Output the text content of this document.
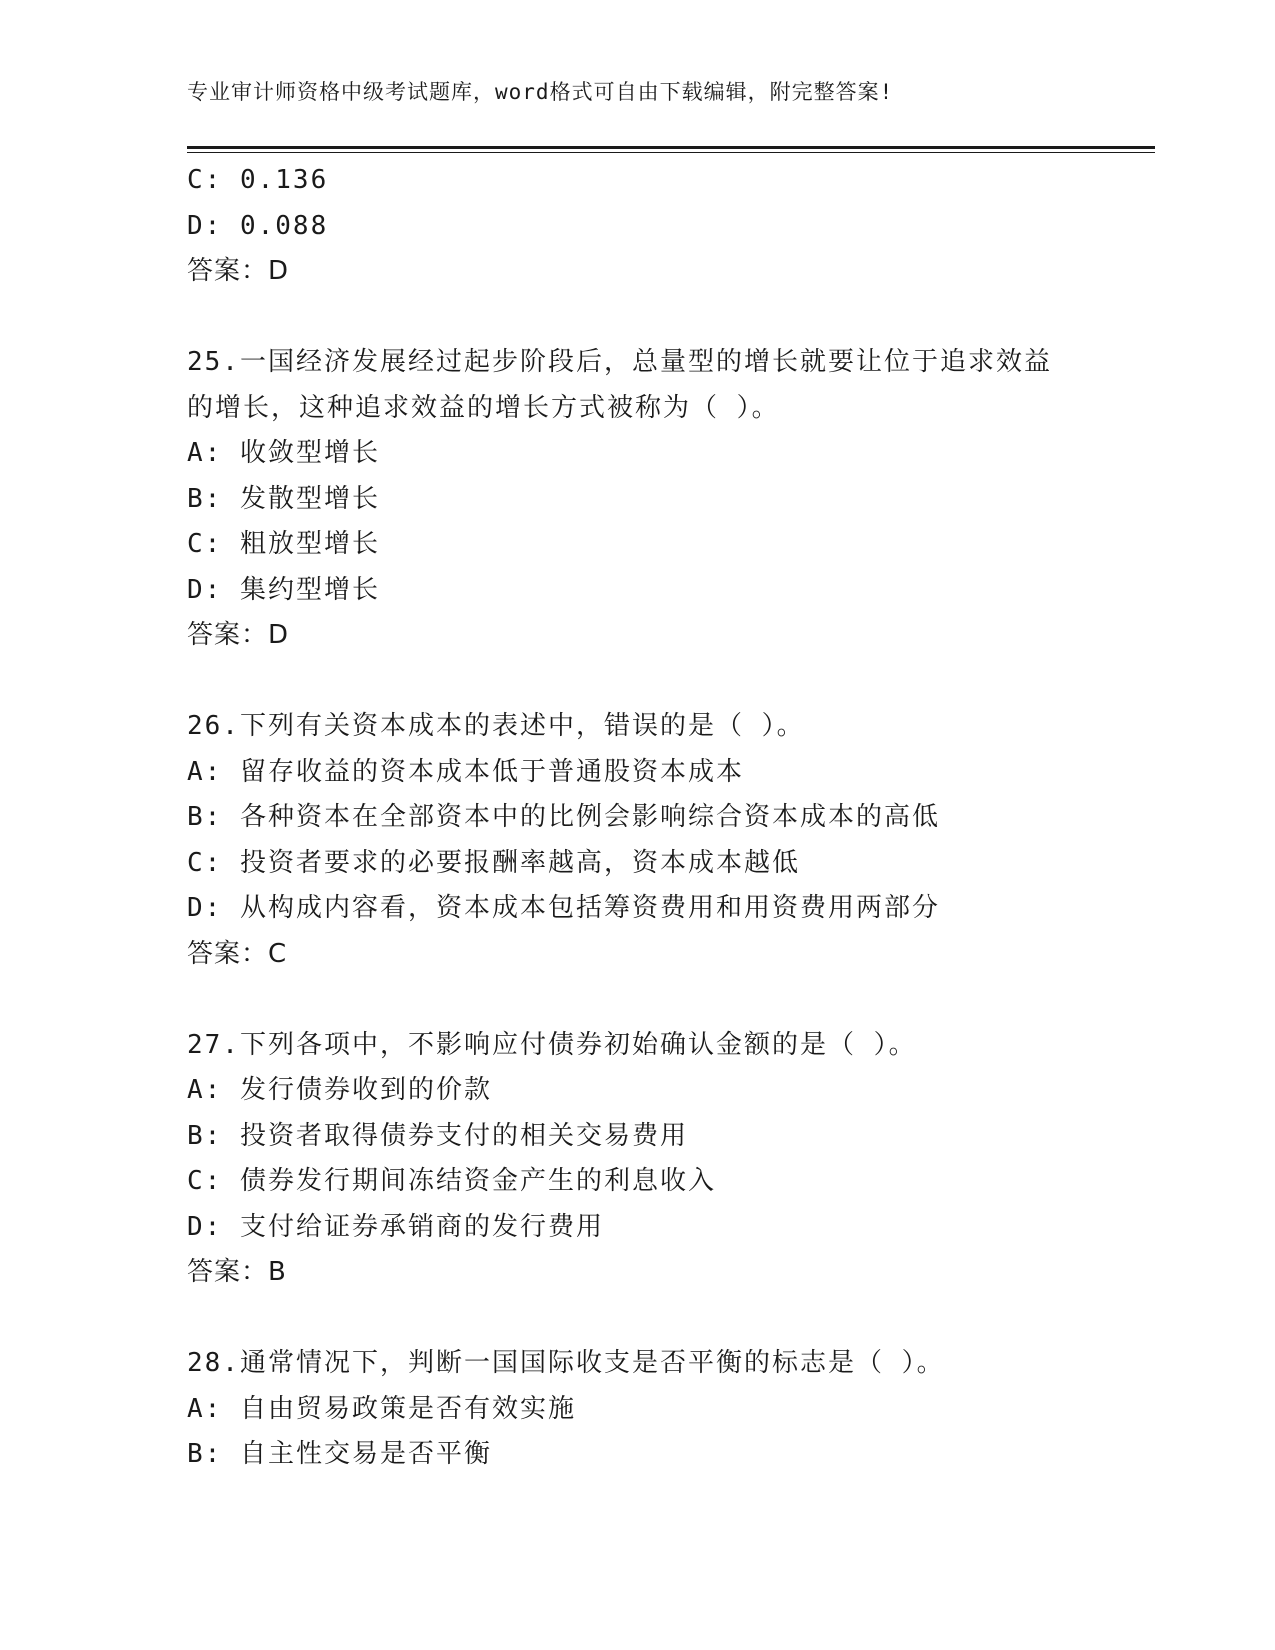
专业审计师资格中级考试题库，word格式可自由下载编辑，附完整答案!
C: 0.136
D: 0.088
答案：D
25.一国经济发展经过起步阶段后，总量型的增长就要让位于追求效益
的增长，这种追求效益的增长方式被称为（ ）。
A: 收敛型增长
B: 发散型增长
C: 粗放型增长
D: 集约型增长
答案：D
26.下列有关资本成本的表述中，错误的是（ ）。
A: 留存收益的资本成本低于普通股资本成本
B: 各种资本在全部资本中的比例会影响综合资本成本的高低
C: 投资者要求的必要报酬率越高，资本成本越低
D: 从构成内容看，资本成本包括筹资费用和用资费用两部分
答案：C
27.下列各项中，不影响应付债券初始确认金额的是（ ）。
A: 发行债券收到的价款
B: 投资者取得债券支付的相关交易费用
C: 债券发行期间冻结资金产生的利息收入
D: 支付给证券承销商的发行费用
答案：B
28.通常情况下，判断一国国际收支是否平衡的标志是（ ）。
A: 自由贸易政策是否有效实施
B: 自主性交易是否平衡
